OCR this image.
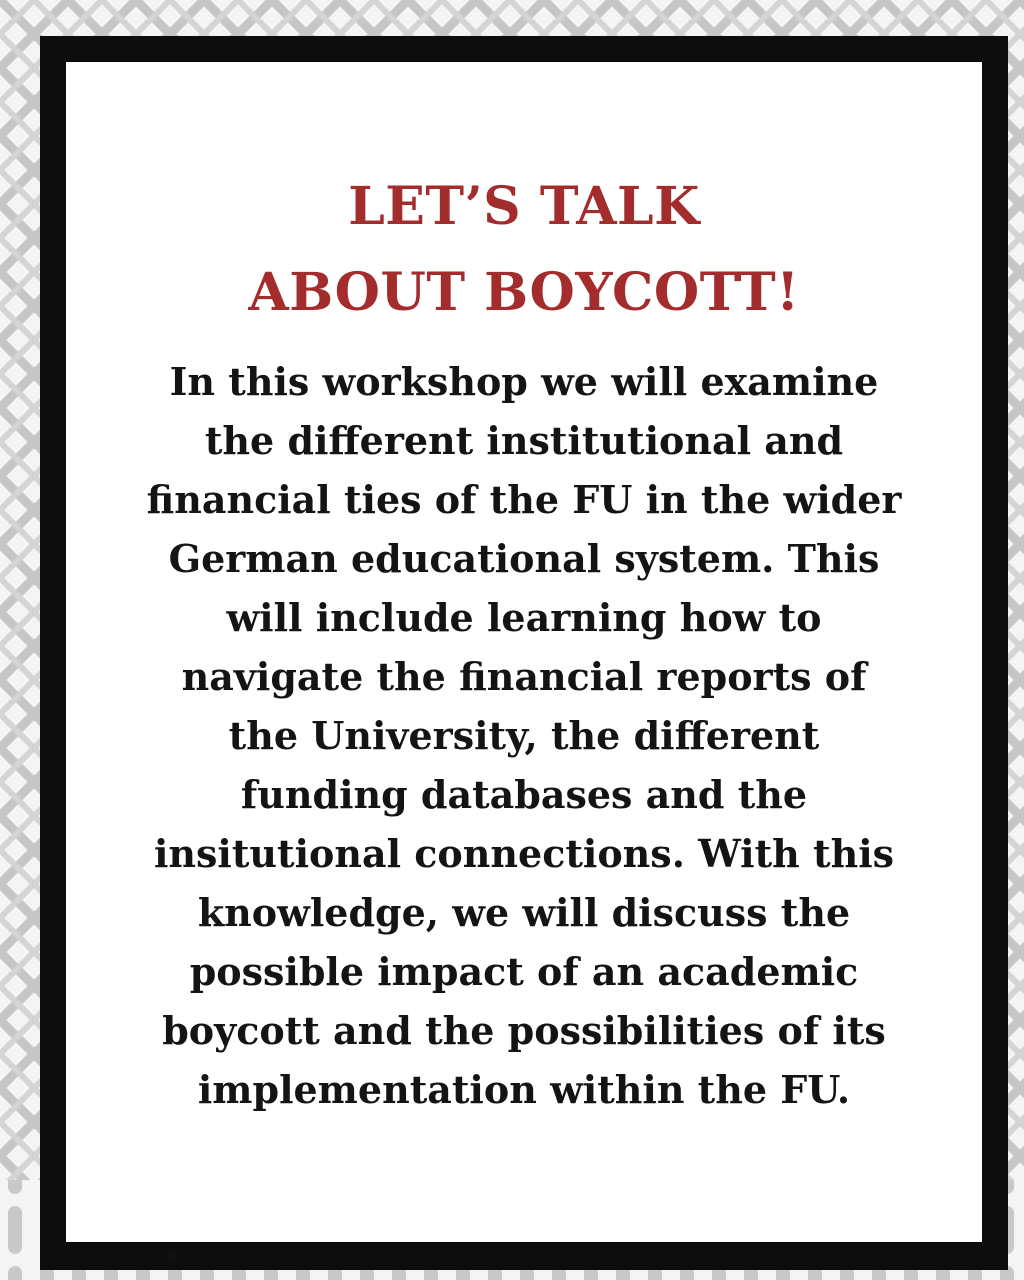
LET’S TALK
ABOUT BOYCOTT!

In this workshop we will examine
the different institutional and
financial ties of the FU in the wider
German educational system. This
will include learning how to
navigate the financial reports of
the University, the different
funding databases and the
insitutional connections. With this
knowledge, we will discuss the
possible impact of an academic
boycott and the possibilities of its
implementation within the FU.
